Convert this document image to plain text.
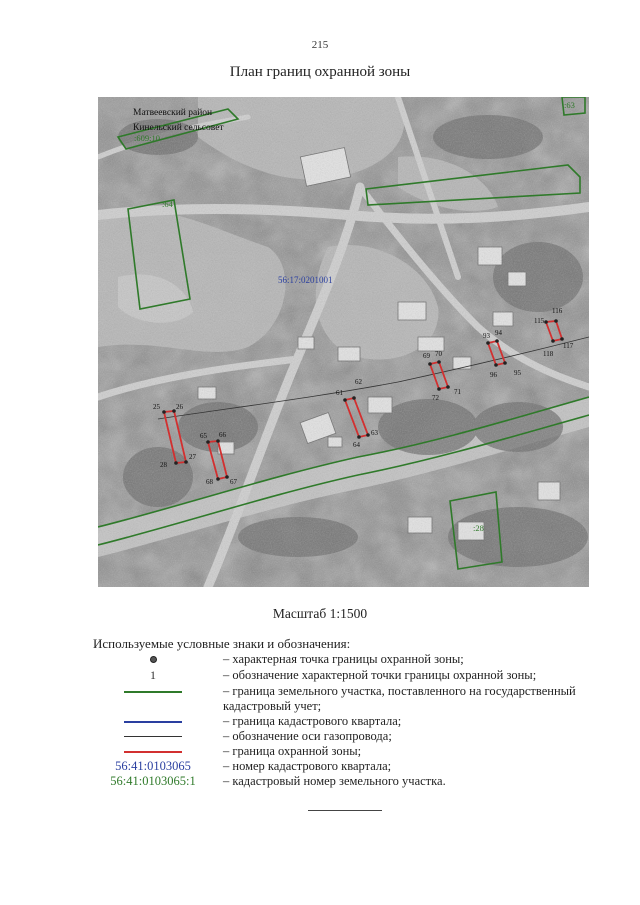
215
План границ охранной зоны
Матвеевский район
Кинельский сельсовет
56:17:0201001
:609:10
:64
:63
:28
25 26
27
28
65 66
67
68
61
62
63
64
69 70
71
72
93 94
95
96
115
116
117
118
Масштаб 1:1500
Используемые условные знаки и обозначения:
– характерная точка границы охранной зоны;
1	– обозначение характерной точки границы охранной зоны;
– граница земельного участка, поставленного на государственный кадастровый учет;
– граница кадастрового квартала;
– обозначение оси газопровода;
– граница охранной зоны;
56:41:0103065	– номер кадастрового квартала;
56:41:0103065:1 – кадастровый номер земельного участка.
